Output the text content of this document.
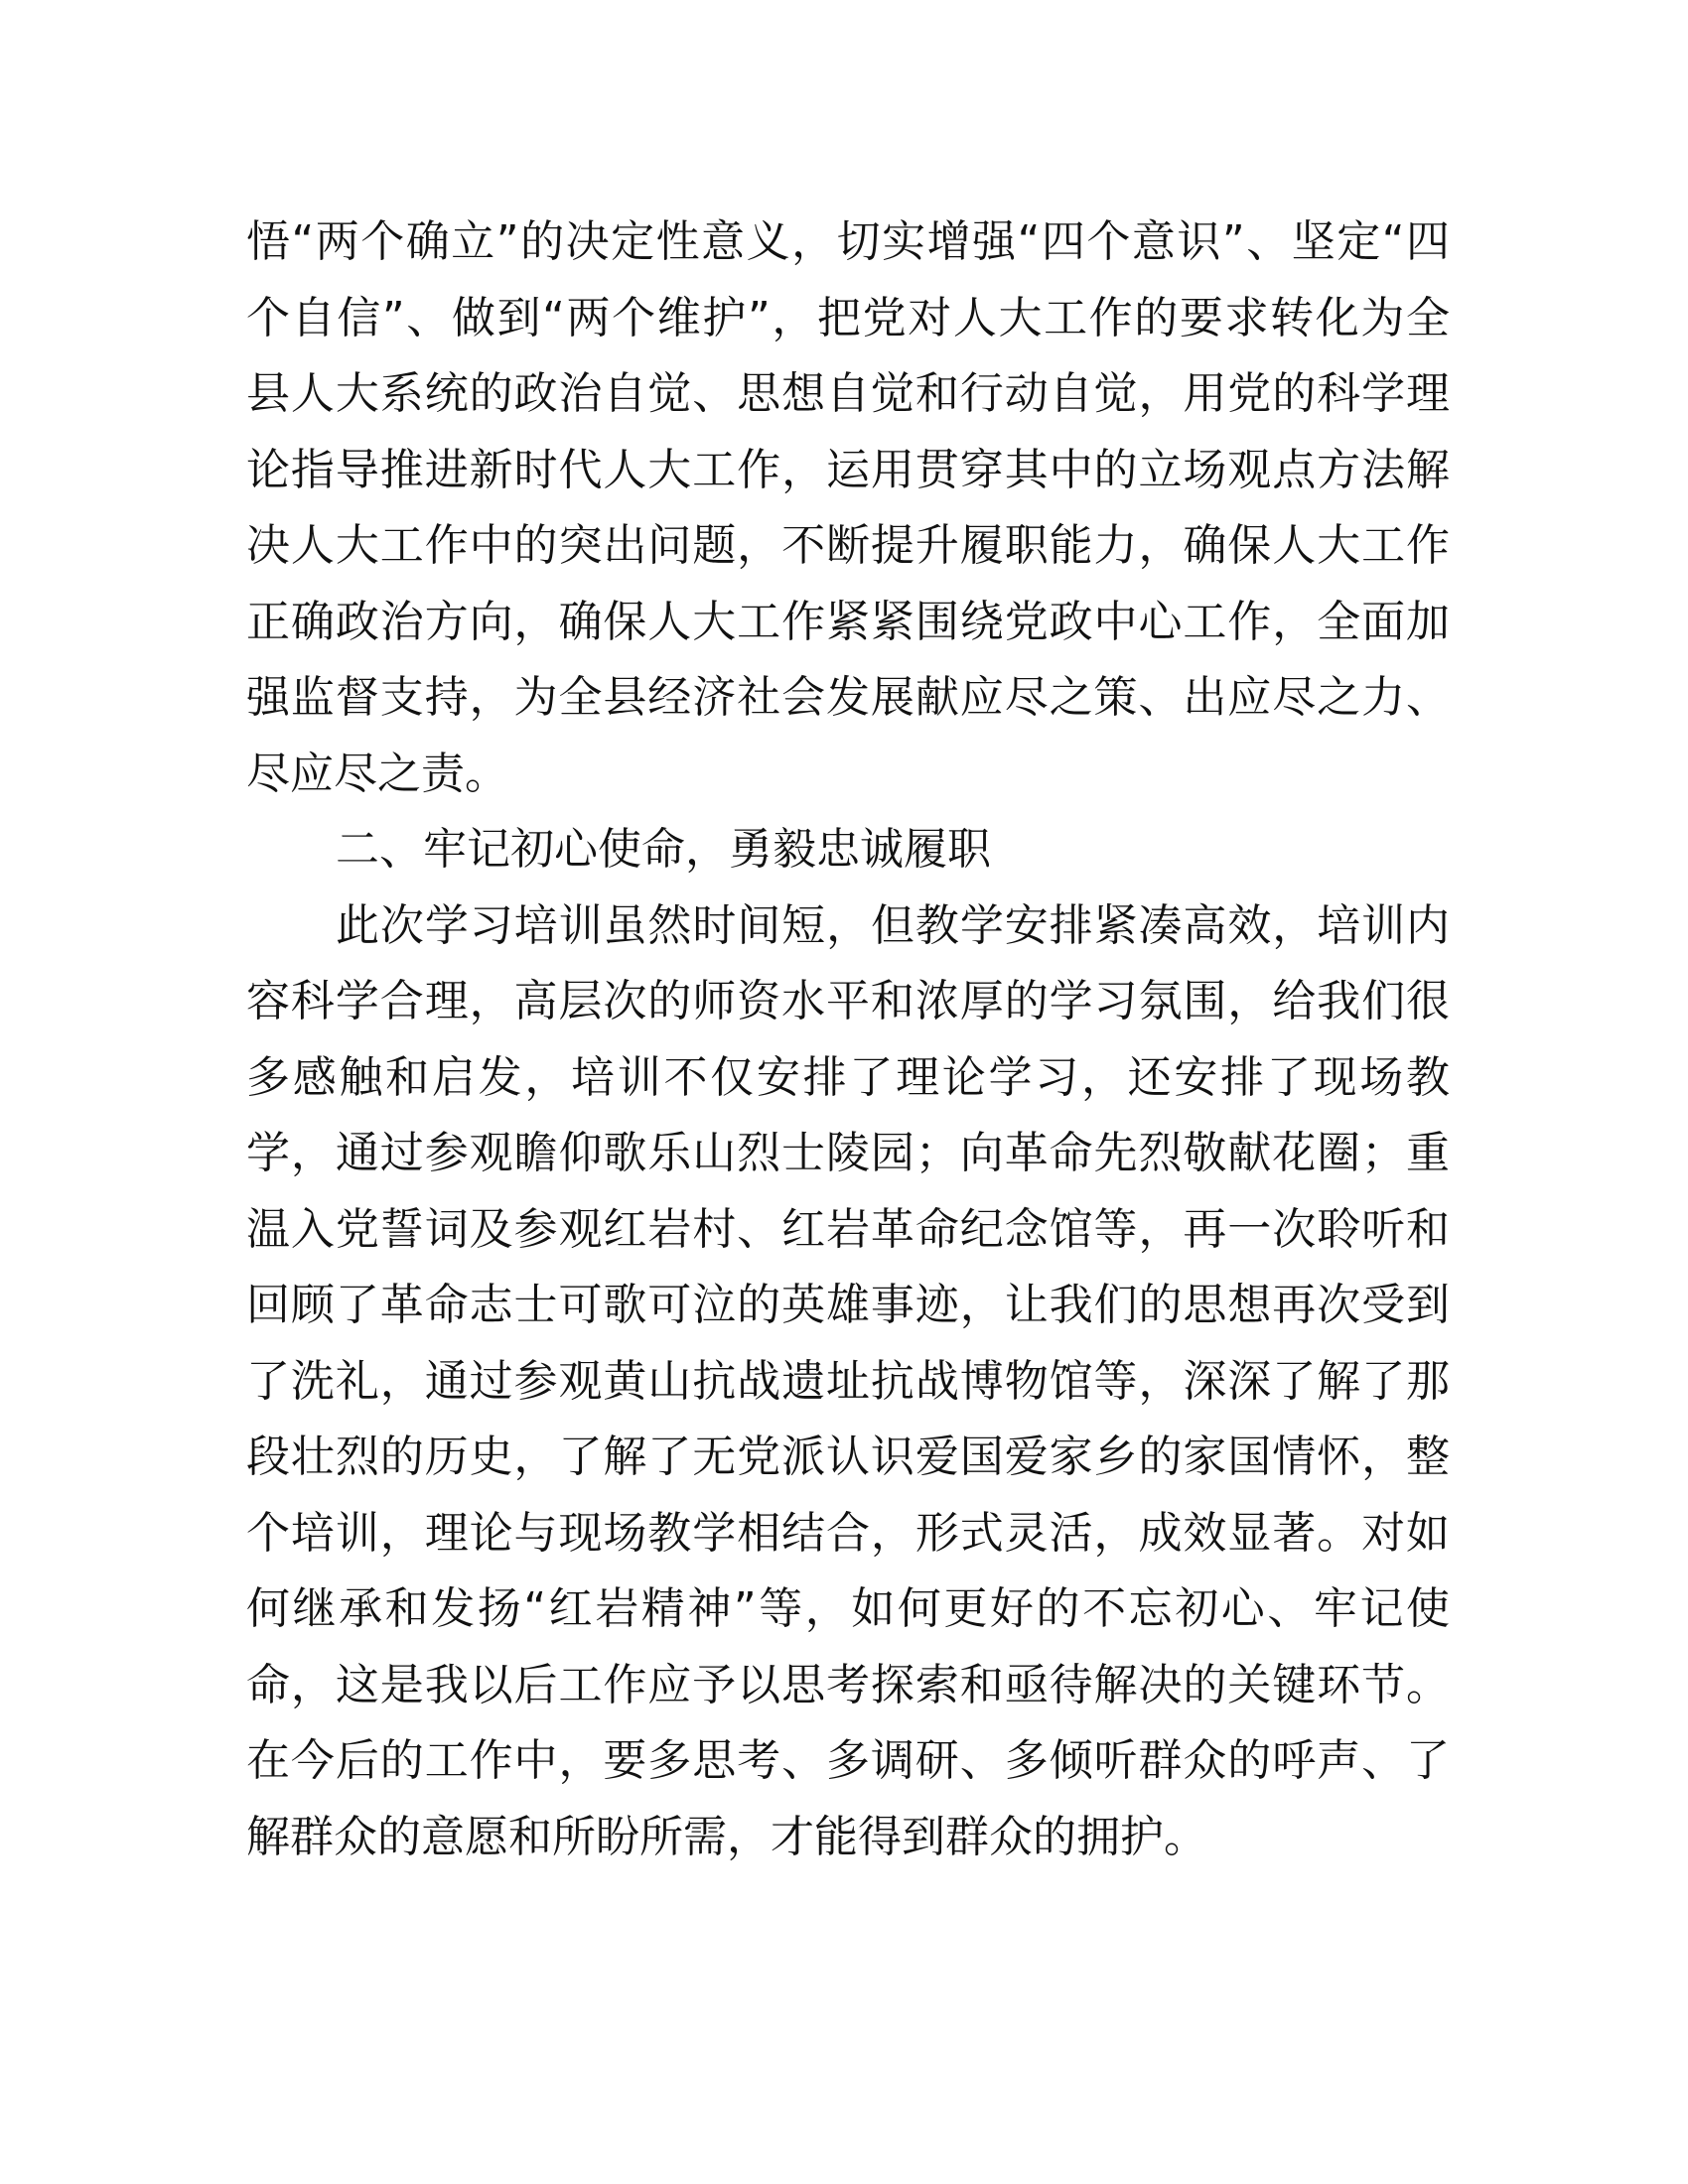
悟“两个确立”的决定性意义，切实增强“四个意识”、坚定“四
个自信”、做到“两个维护”，把党对人大工作的要求转化为全
县人大系统的政治自觉、思想自觉和行动自觉，用党的科学理
论指导推进新时代人大工作，运用贯穿其中的立场观点方法解
决人大工作中的突出问题，不断提升履职能力，确保人大工作
正确政治方向，确保人大工作紧紧围绕党政中心工作，全面加
强监督支持，为全县经济社会发展献应尽之策、出应尽之力、
尽应尽之责。
二、牢记初心使命，勇毅忠诚履职
此次学习培训虽然时间短，但教学安排紧凑高效，培训内
容科学合理，高层次的师资水平和浓厚的学习氛围，给我们很
多感触和启发，培训不仅安排了理论学习，还安排了现场教
学，通过参观瞻仰歌乐山烈士陵园；向革命先烈敬献花圈；重
温入党誓词及参观红岩村、红岩革命纪念馆等，再一次聆听和
回顾了革命志士可歌可泣的英雄事迹，让我们的思想再次受到
了洗礼，通过参观黄山抗战遗址抗战博物馆等，深深了解了那
段壮烈的历史，了解了无党派认识爱国爱家乡的家国情怀，整
个培训，理论与现场教学相结合，形式灵活，成效显著。对如
何继承和发扬“红岩精神”等，如何更好的不忘初心、牢记使
命，这是我以后工作应予以思考探索和亟待解决的关键环节。
在今后的工作中，要多思考、多调研、多倾听群众的呼声、了
解群众的意愿和所盼所需，才能得到群众的拥护。
